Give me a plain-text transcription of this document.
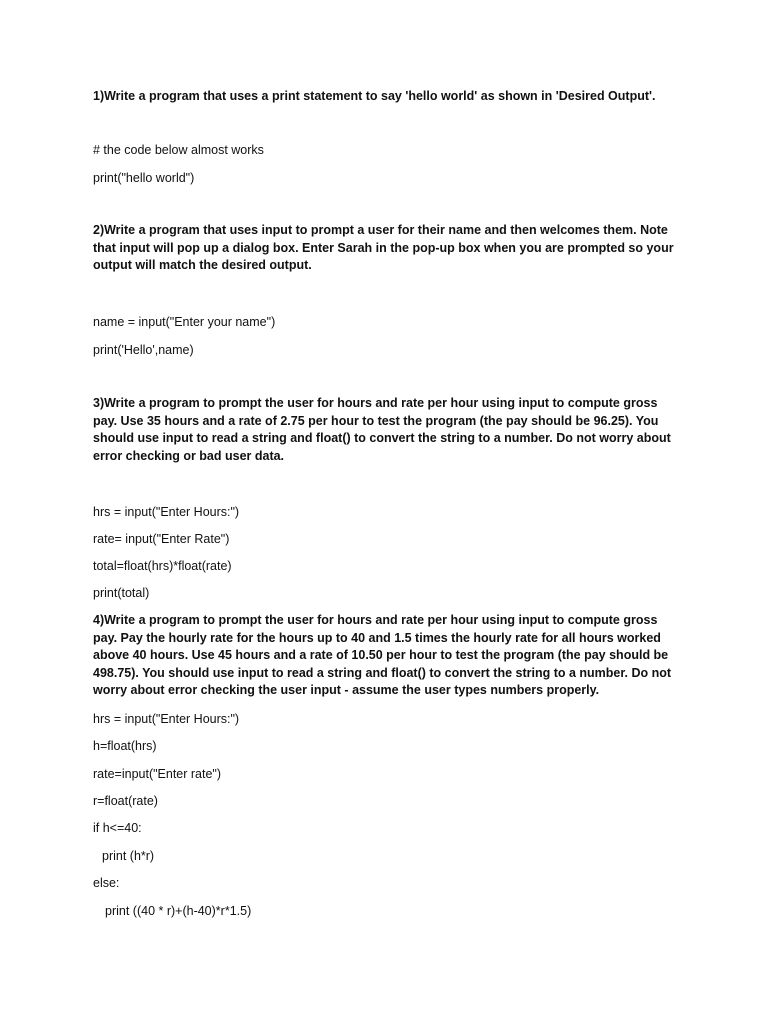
1)Write a program that uses a print statement to say 'hello world' as shown in 'Desired Output'.
# the code below almost works
print("hello world")
2)Write a program that uses input to prompt a user for their name and then welcomes them. Note
that input will pop up a dialog box. Enter Sarah in the pop-up box when you are prompted so your
output will match the desired output.
name = input("Enter your name")
print('Hello',name)
3)Write a program to prompt the user for hours and rate per hour using input to compute gross
pay. Use 35 hours and a rate of 2.75 per hour to test the program (the pay should be 96.25). You
should use input to read a string and float() to convert the string to a number. Do not worry about
error checking or bad user data.
hrs = input("Enter Hours:")
rate= input("Enter Rate")
total=float(hrs)*float(rate)
print(total)
4)Write a program to prompt the user for hours and rate per hour using input to compute gross
pay. Pay the hourly rate for the hours up to 40 and 1.5 times the hourly rate for all hours worked
above 40 hours. Use 45 hours and a rate of 10.50 per hour to test the program (the pay should be
498.75). You should use input to read a string and float() to convert the string to a number. Do not
worry about error checking the user input - assume the user types numbers properly.
hrs = input("Enter Hours:")
h=float(hrs)
rate=input("Enter rate")
r=float(rate)
if h<=40:
print (h*r)
else:
print ((40 * r)+(h-40)*r*1.5)
